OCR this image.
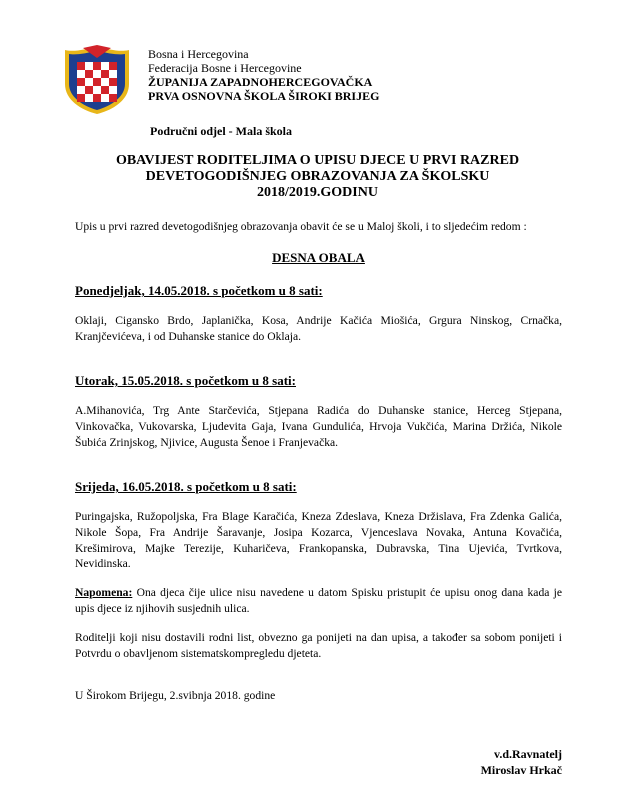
Bosna i Hercegovina
Federacija Bosne i Hercegovine
ŽUPANIJA ZAPADNOHERCEGOVAČKA
PRVA OSNOVNA ŠKOLA ŠIROKI BRIJEG
Područni odjel - Mala škola
OBAVIJEST RODITELJIMA O UPISU DJECE U PRVI RAZRED
DEVETOGODIŠNJEG OBRAZOVANJA ZA ŠKOLSKU
2018/2019.GODINU
Upis u prvi razred devetogodišnjeg obrazovanja obavit će se u Maloj školi, i to sljedećim redom :
DESNA OBALA
Ponedjeljak, 14.05.2018. s početkom u 8 sati:
Oklaji, Cigansko Brdo, Japlanička, Kosa, Andrije Kačića Miošića, Grgura Ninskog, Crnačka, Kranjčevićeva, i od Duhanske stanice do Oklaja.
Utorak, 15.05.2018. s početkom u 8 sati:
A.Mihanovića, Trg Ante Starčevića, Stjepana Radića do Duhanske stanice, Herceg Stjepana, Vinkovačka, Vukovarska, Ljudevita Gaja, Ivana Gundulića, Hrvoja Vukčića, Marina Držića, Nikole Šubića Zrinjskog, Njivice, Augusta Šenoe i Franjevačka.
Srijeda, 16.05.2018. s početkom u 8 sati:
Puringajska, Ružopoljska, Fra Blage Karačića, Kneza Zdeslava, Kneza Držislava, Fra Zdenka Galića, Nikole Šopa, Fra Andrije Šaravanje, Josipa Kozarca, Vjenceslava Novaka, Antuna Kovačića, Krešimirova, Majke Terezije, Kuharičeva, Frankopanska, Dubravska, Tina Ujevića, Tvrtkova, Nevidinska.
Napomena: Ona djeca čije ulice nisu navedene u datom Spisku pristupit će upisu onog dana kada je upis djece iz njihovih susjednih ulica.
Roditelji koji nisu dostavili rodni list, obvezno ga ponijeti na dan upisa, a također sa sobom ponijeti i Potvrdu o obavljenom sistematskompregledu djeteta.
U Širokom Brijegu, 2.svibnja 2018. godine
v.d.Ravnatelj
Miroslav Hrkač
